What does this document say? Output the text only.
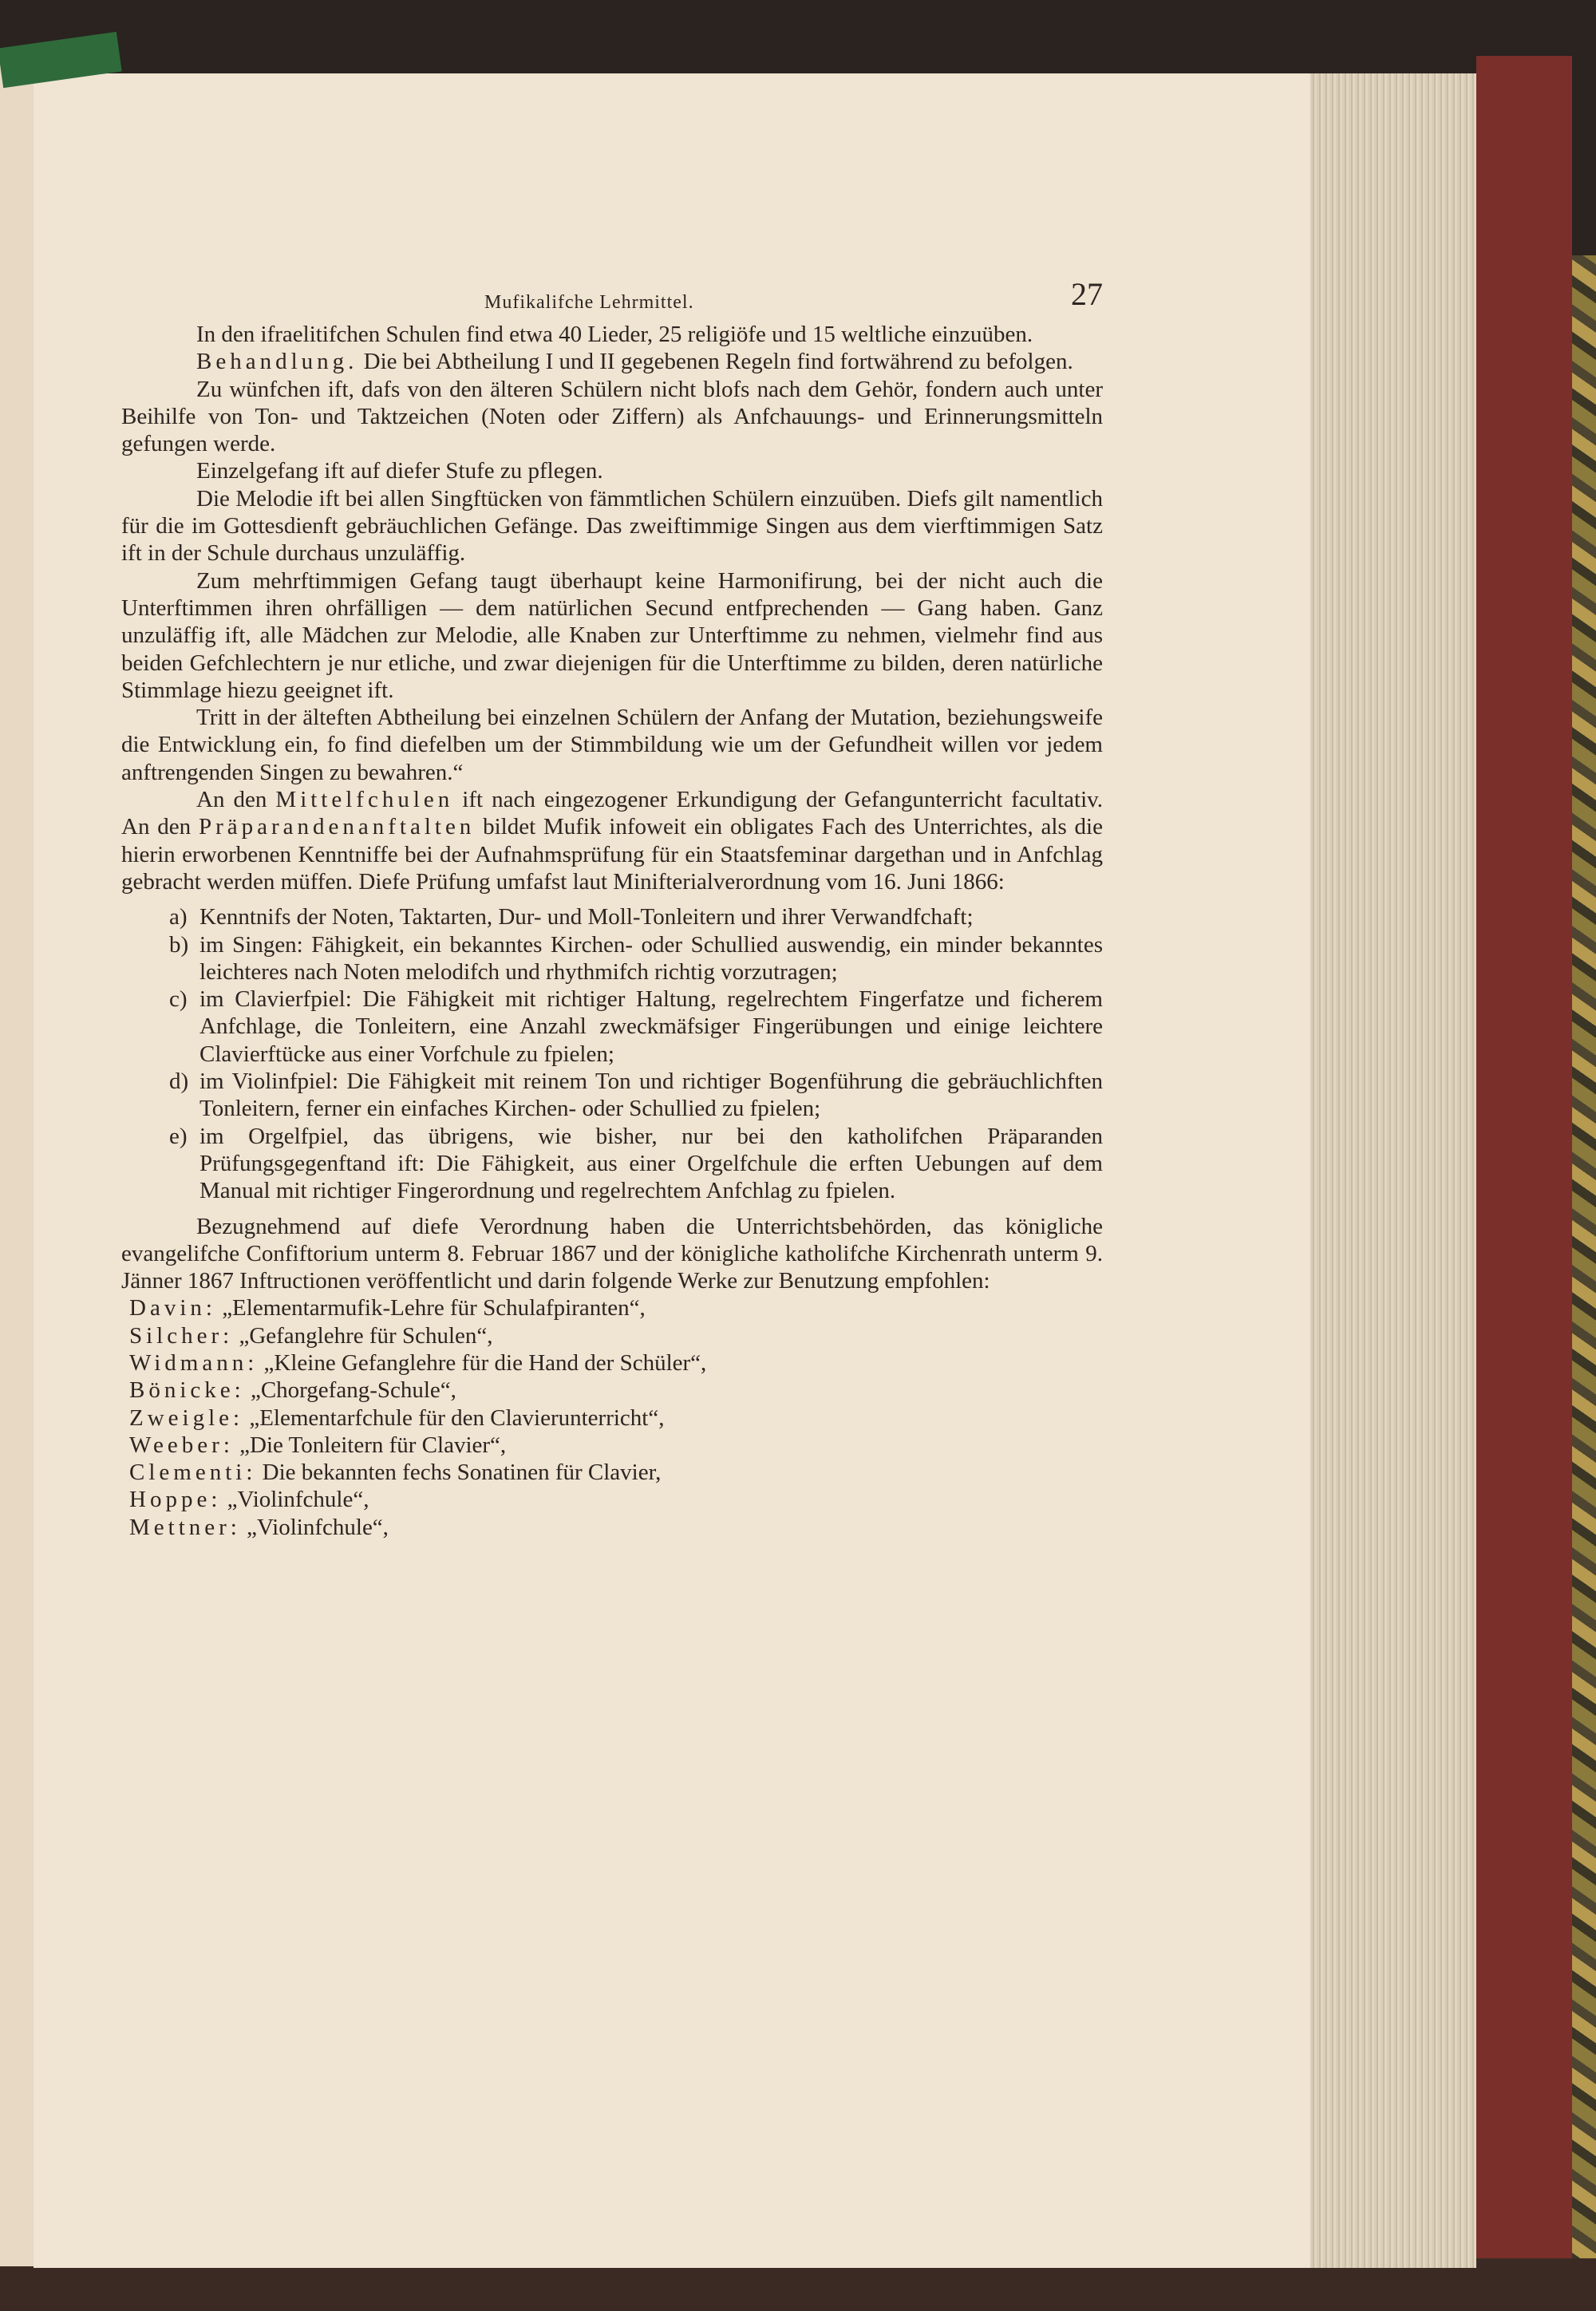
Mufikalifche Lehrmittel.	27

In den ifraelitifchen Schulen find etwa 40 Lieder, 25 religiöfe und 15 weltliche einzuüben.

Behandlung. Die bei Abtheilung I und II gegebenen Regeln find fortwährend zu befolgen.

Zu wünfchen ift, dafs von den älteren Schülern nicht blofs nach dem Gehör, fondern auch unter Beihilfe von Ton- und Taktzeichen (Noten oder Ziffern) als Anfchauungs- und Erinnerungsmitteln gefungen werde.

Einzelgefang ift auf diefer Stufe zu pflegen.

Die Melodie ift bei allen Singftücken von fämmtlichen Schülern einzuüben. Diefs gilt namentlich für die im Gottesdienft gebräuchlichen Gefänge. Das zweiftimmige Singen aus dem vierftimmigen Satz ift in der Schule durchaus unzuläffig.

Zum mehrftimmigen Gefang taugt überhaupt keine Harmonifirung, bei der nicht auch die Unterftimmen ihren ohrfälligen — dem natürlichen Secund entfprechenden — Gang haben. Ganz unzuläffig ift, alle Mädchen zur Melodie, alle Knaben zur Unterftimme zu nehmen, vielmehr find aus beiden Gefchlechtern je nur etliche, und zwar diejenigen für die Unterftimme zu bilden, deren natürliche Stimmlage hiezu geeignet ift.

Tritt in der älteften Abtheilung bei einzelnen Schülern der Anfang der Mutation, beziehungsweife die Entwicklung ein, fo find diefelben um der Stimmbildung wie um der Gefundheit willen vor jedem anftrengenden Singen zu bewahren.“

An den Mittelfchulen ift nach eingezogener Erkundigung der Gefangunterricht facultativ. An den Präparandenanftalten bildet Mufik infoweit ein obligates Fach des Unterrichtes, als die hierin erworbenen Kenntniffe bei der Aufnahmsprüfung für ein Staatsfeminar dargethan und in Anfchlag gebracht werden müffen. Diefe Prüfung umfafst laut Minifterialverordnung vom 16. Juni 1866:

a) Kenntnifs der Noten, Taktarten, Dur- und Moll-Tonleitern und ihrer Verwandfchaft;
b) im Singen: Fähigkeit, ein bekanntes Kirchen- oder Schullied auswendig, ein minder bekanntes leichteres nach Noten melodifch und rhythmifch richtig vorzutragen;
c) im Clavierfpiel: Die Fähigkeit mit richtiger Haltung, regelrechtem Fingerfatze und ficherem Anfchlage, die Tonleitern, eine Anzahl zweckmäfsiger Fingerübungen und einige leichtere Clavierftücke aus einer Vorfchule zu fpielen;
d) im Violinfpiel: Die Fähigkeit mit reinem Ton und richtiger Bogenführung die gebräuchlichften Tonleitern, ferner ein einfaches Kirchen- oder Schullied zu fpielen;
e) im Orgelfpiel, das übrigens, wie bisher, nur bei den katholifchen Präparanden Prüfungsgegenftand ift: Die Fähigkeit, aus einer Orgelfchule die erften Uebungen auf dem Manual mit richtiger Fingerordnung und regelrechtem Anfchlag zu fpielen.

Bezugnehmend auf diefe Verordnung haben die Unterrichtsbehörden, das königliche evangelifche Confiftorium unterm 8. Februar 1867 und der königliche katholifche Kirchenrath unterm 9. Jänner 1867 Inftructionen veröffentlicht und darin folgende Werke zur Benutzung empfohlen:

Davin: „Elementarmufik-Lehre für Schulafpiranten“,
Silcher: „Gefanglehre für Schulen“,
Widmann: „Kleine Gefanglehre für die Hand der Schüler“,
Bönicke: „Chorgefang-Schule“,
Zweigle: „Elementarfchule für den Clavierunterricht“,
Weeber: „Die Tonleitern für Clavier“,
Clementi: Die bekannten fechs Sonatinen für Clavier,
Hoppe: „Violinfchule“,
Mettner: „Violinfchule“,
